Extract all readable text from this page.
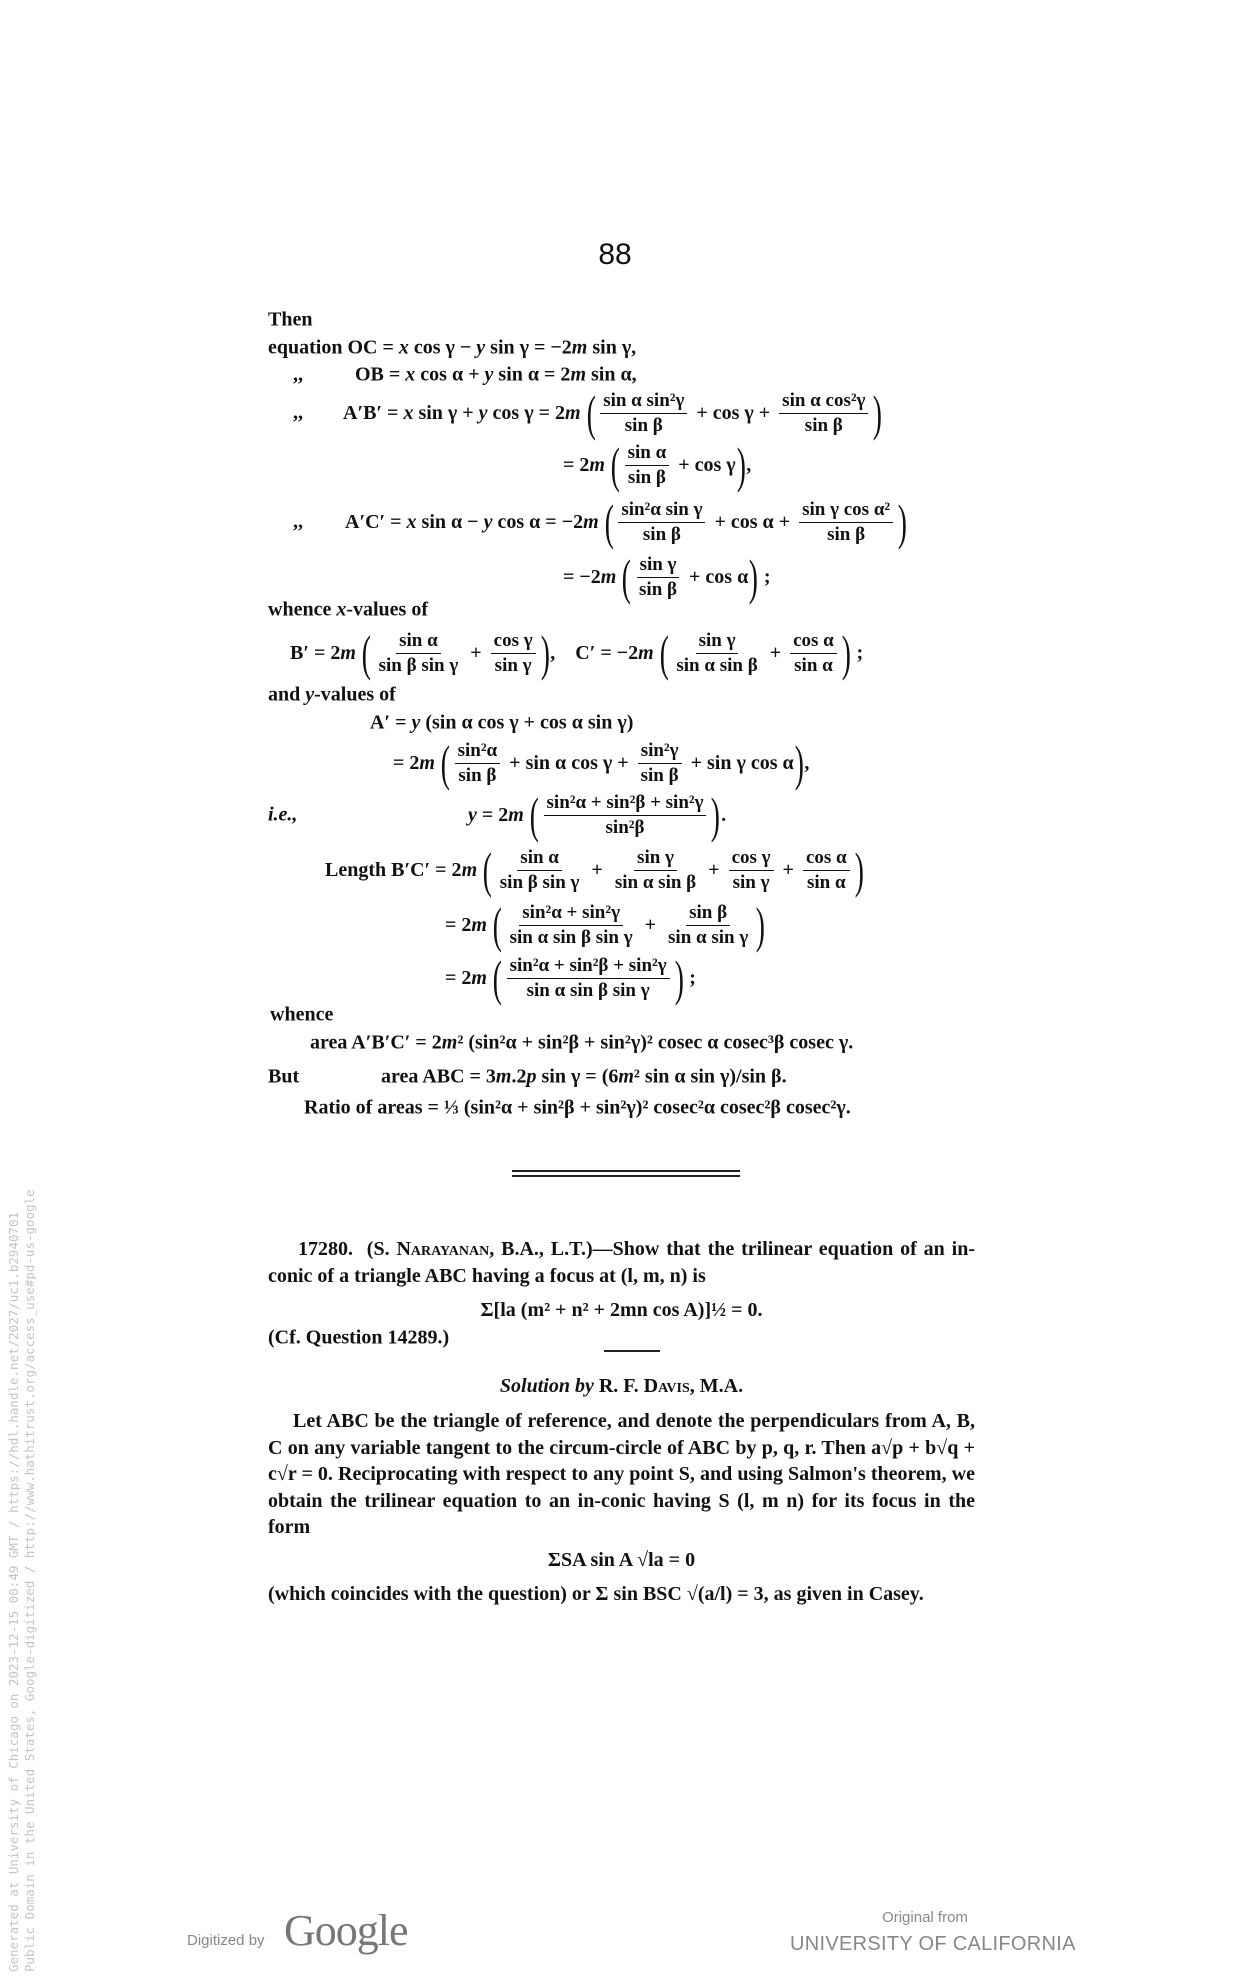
88
Then
equation OC = x cos γ − y sin γ = −2 m sin γ,
,,	OB = x cos α + y sin α = 2 m sin α,
,, A′B′ = x sin γ + y cos γ = 2 m
( $\frac{\text{sin α sin²γ}}{\text{sin β}} + \cos \gamma + \frac{\text{sin α cos²γ}}{\text{sin β}}$ )
= 2 m
( $\frac{\text{sin α}}{\text{sin β}} + \cos \gamma$ ) ,
,, A′C′ = x sin α − y cos α = −2 m
( $\frac{\text{sin²α sin γ}}{\text{sin β}} + \cos \alpha + \frac{\text{sin γ cos α²}}{\text{sin β}}$ )
= −2 m
( $\frac{\text{sin γ}}{\text{sin β}} + \cos \alpha$ ) ;
whence x -values of
B′ = 2 m
( $\frac{\text{sin α}}{\text{sin β sin γ}} + \frac{\text{cos γ}}{\text{sin γ}}$ ) ,    C′ = −2 m
( $\frac{\text{sin γ}}{\text{sin α sin β}} + \frac{\text{cos α}}{\text{sin α}}$ ) ;
and y -values of
A′ = y (sin α cos γ + cos α sin γ)
= 2 m
( $\frac{\text{sin²α}}{\text{sin β}} + \sin \alpha$ $\cos \gamma + \frac{\text{sin²γ}}{\text{sin β}} + \sin \gamma$ cos α ) ,
i.e.,	y = 2 m
( $\frac{\text{sin²α + sin²β + sin²γ}}{\text{sin²β}}$ ) .
Length B′C′ = 2 m
( $\frac{\text{sin α}}{\text{sin β sin γ}} + \frac{\text{sin γ}}{\text{sin α sin β}} + \frac{\text{cos γ}}{\text{sin γ}} + \frac{\text{cos α}}{\text{sin α}}$ )
= 2 m
( $\frac{\text{sin²α + sin²γ}}{\text{sin α sin β sin γ}} + \frac{\text{sin β}}{\text{sin α sin γ}}$ )
= 2 m
( $\frac{\text{sin²α + sin²β + sin²γ}}{\text{sin α sin β sin γ}}$ ) ;
whence
area A′B′C′ = 2 m ² (sin²α + sin²β + sin²γ)² cosec α cosec³β cosec γ.
But	area ABC = 3 m .2 p sin γ = (6 m ² sin α sin γ)/sin β.
Ratio of areas = ⅓ (sin²α + sin²β + sin²γ)² cosec²α cosec²β cosec²γ.
17280. (S. Narayanan, B.A., L.T.)—Show that the trilinear equation of an in-conic of a triangle ABC having a focus at (l, m, n) is
Σ[la (m² + n² + 2mn cos A)]½ = 0.
(Cf. Question 14289.)
Solution by R. F. Davis, M.A.
Let ABC be the triangle of reference, and denote the perpendiculars from A, B, C on any variable tangent to the circum-circle of ABC by p, q, r. Then a√p + b√q + c√r = 0. Reciprocating with respect to any point S, and using Salmon's theorem, we obtain the trilinear equation to an in-conic having S (l, m n) for its focus in the form
ΣSA sin A √la = 0
(which coincides with the question) or Σ sin BSC √(a/l) = 3, as given in Casey.
Generated at University of Chicago on 2023-12-15 00:49 GMT / https://hdl.handle.net/2027/uc1.b2940701 Public Domain in the United States, Google-digitized / http://www.hathitrust.org/access_use#pd-us-google	Digitized by Google	Original from
UNIVERSITY OF CALIFORNIA
